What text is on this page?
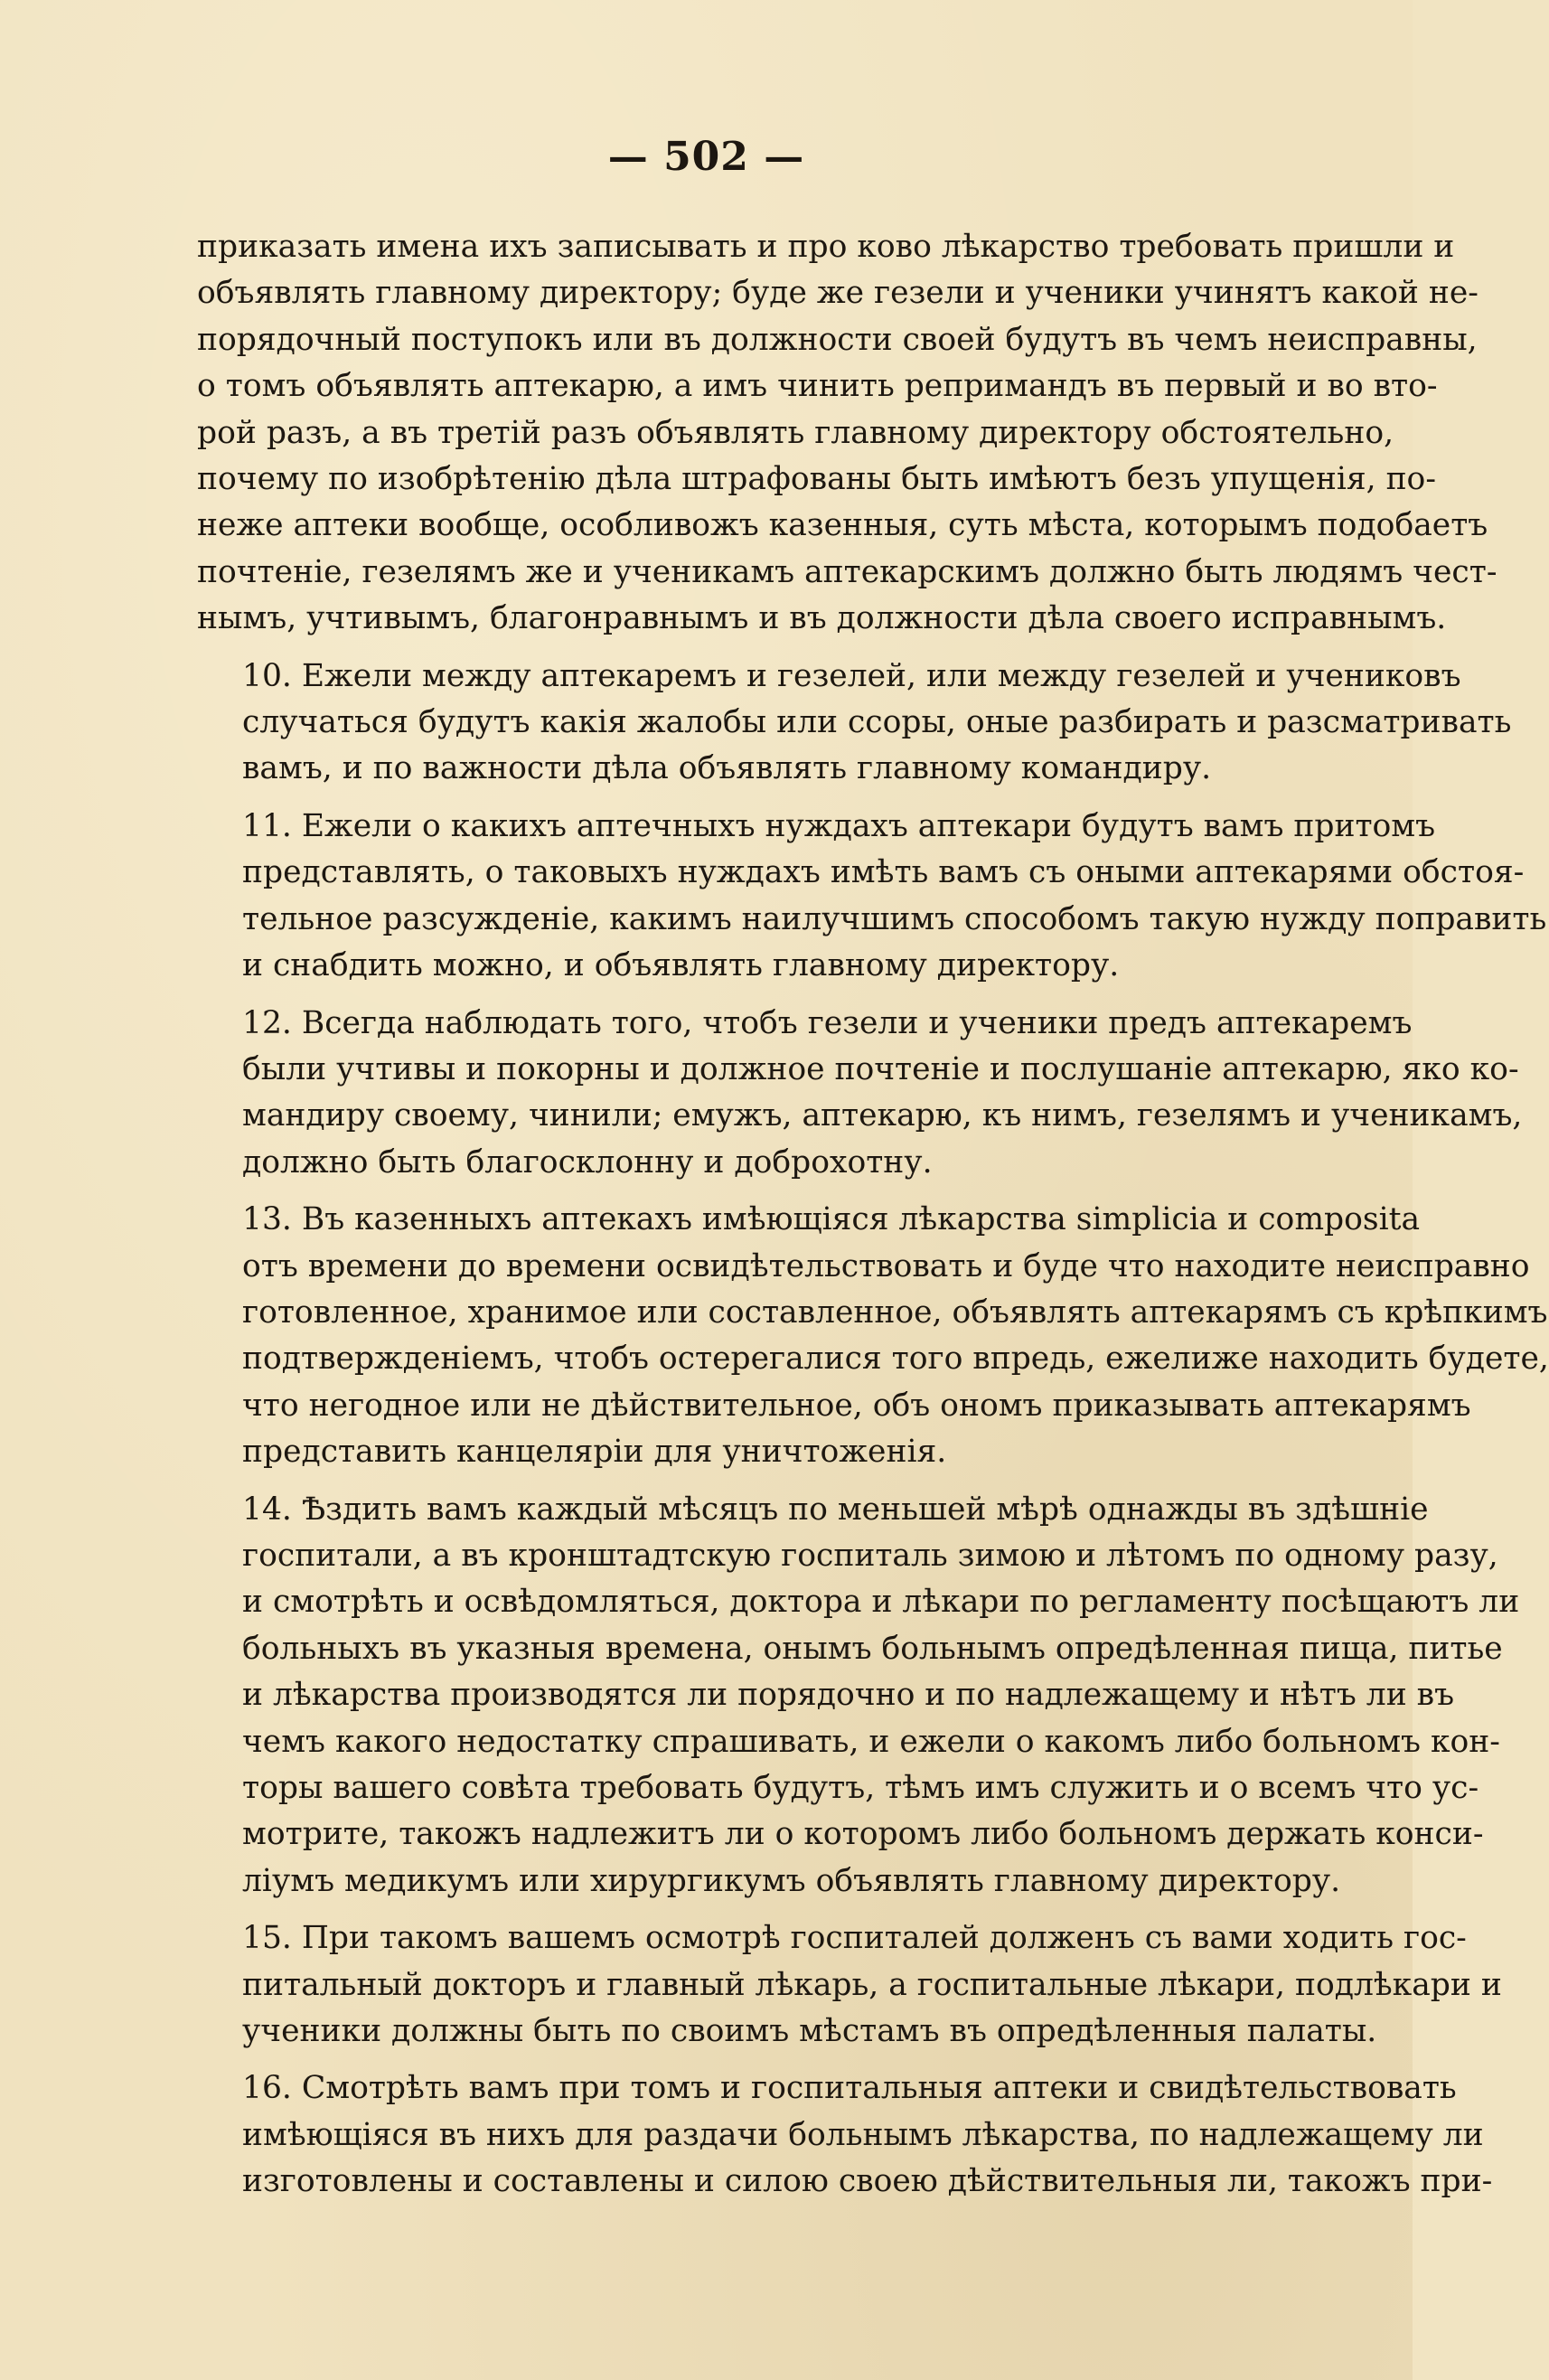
— 502 —
приказать имена ихъ записывать и про ково лѣкарство требовать пришли и
объявлять главному директору; буде же гезели и ученики учинятъ какой не-
порядочный поступокъ или въ должности своей будутъ въ чемъ неисправны,
о томъ объявлять аптекарю, а имъ чинить репримандъ въ первый и во вто-
рой разъ, а въ третій разъ объявлять главному директору обстоятельно,
почему по изобрѣтенію дѣла штрафованы быть имѣютъ безъ упущенія, по-
неже аптеки вообще, особливожъ казенныя, суть мѣста, которымъ подобаетъ
почтеніе, гезелямъ же и ученикамъ аптекарскимъ должно быть людямъ чест-
нымъ, учтивымъ, благонравнымъ и въ должности дѣла своего исправнымъ.
10. Ежели между аптекаремъ и гезелей, или между гезелей и учениковъ
случаться будутъ какія жалобы или ссоры, оные разбирать и разсматривать
вамъ, и по важности дѣла объявлять главному командиру.
11. Ежели о какихъ аптечныхъ нуждахъ аптекари будутъ вамъ притомъ
представлять, о таковыхъ нуждахъ имѣть вамъ съ оными аптекарями обстоя-
тельное разсужденіе, какимъ наилучшимъ способомъ такую нужду поправить
и снабдить можно, и объявлять главному директору.
12. Всегда наблюдать того, чтобъ гезели и ученики предъ аптекаремъ
были учтивы и покорны и должное почтеніе и послушаніе аптекарю, яко ко-
мандиру своему, чинили; емужъ, аптекарю, къ нимъ, гезелямъ и ученикамъ,
должно быть благосклонну и доброхотну.
13. Въ казенныхъ аптекахъ имѣющіяся лѣкарства simplicia и composita
отъ времени до времени освидѣтельствовать и буде что находите неисправно
готовленное, хранимое или составленное, объявлять аптекарямъ съ крѣпкимъ
подтвержденіемъ, чтобъ остерегалися того впредь, ежелиже находить будете,
что негодное или не дѣйствительное, объ ономъ приказывать аптекарямъ
представить канцеляріи для уничтоженія.
14. Ѣздить вамъ каждый мѣсяцъ по меньшей мѣрѣ однажды въ здѣшніе
госпитали, а въ кронштадтскую госпиталь зимою и лѣтомъ по одному разу,
и смотрѣть и освѣдомляться, доктора и лѣкари по регламенту посѣщаютъ ли
больныхъ въ указныя времена, онымъ больнымъ опредѣленная пища, питье
и лѣкарства производятся ли порядочно и по надлежащему и нѣтъ ли въ
чемъ какого недостатку спрашивать, и ежели о какомъ либо больномъ кон-
торы вашего совѣта требовать будутъ, тѣмъ имъ служить и о всемъ что ус-
мотрите, такожъ надлежитъ ли о которомъ либо больномъ держать конси-
ліумъ медикумъ или хирургикумъ объявлять главному директору.
15. При такомъ вашемъ осмотрѣ госпиталей долженъ съ вами ходить гос-
питальный докторъ и главный лѣкарь, а госпитальные лѣкари, подлѣкари и
ученики должны быть по своимъ мѣстамъ въ опредѣленныя палаты.
16. Смотрѣть вамъ при томъ и госпитальныя аптеки и свидѣтельствовать
имѣющіяся въ нихъ для раздачи больнымъ лѣкарства, по надлежащему ли
изготовлены и составлены и силою своею дѣйствительныя ли, такожъ при-
